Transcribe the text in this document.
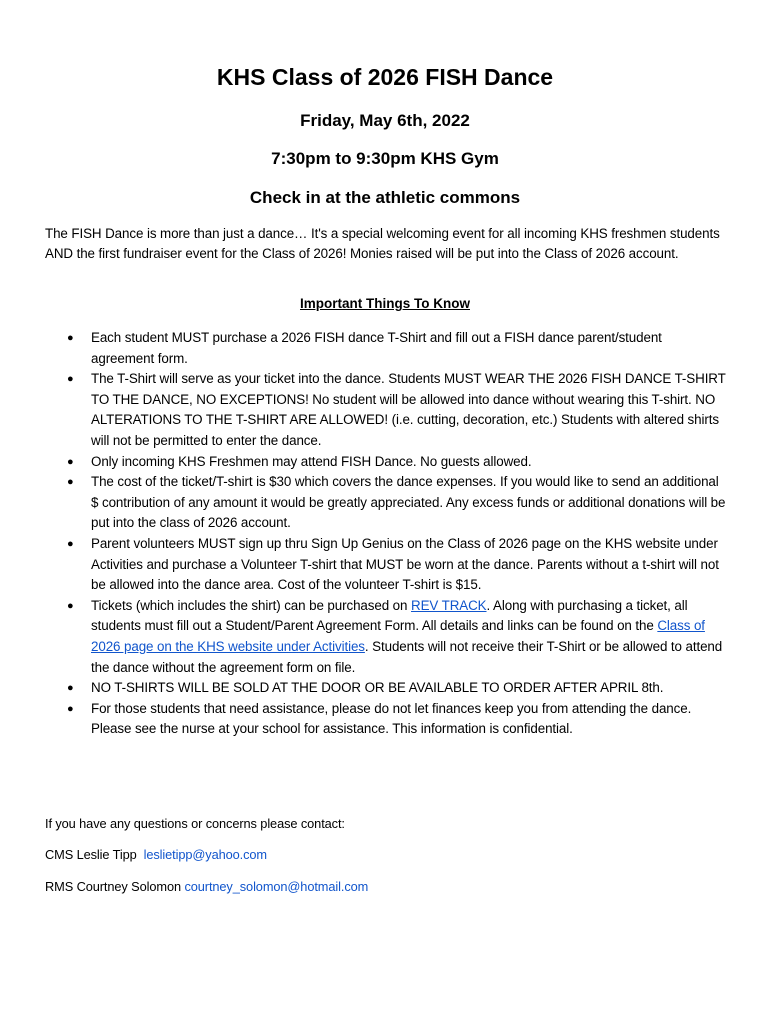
KHS Class of 2026 FISH Dance
Friday, May 6th, 2022
7:30pm to 9:30pm KHS Gym
Check in at the athletic commons
The FISH Dance is more than just a dance… It's a special welcoming event for all incoming KHS freshmen students AND the first fundraiser event for the Class of 2026! Monies raised will be put into the Class of 2026 account.
Important Things To Know
● Each student MUST purchase a 2026 FISH dance T-Shirt and fill out a FISH dance parent/student agreement form.
● The T-Shirt will serve as your ticket into the dance. Students MUST WEAR THE 2026 FISH DANCE T-SHIRT TO THE DANCE, NO EXCEPTIONS! No student will be allowed into dance without wearing this T-shirt. NO ALTERATIONS TO THE T-SHIRT ARE ALLOWED! (i.e. cutting, decoration, etc.) Students with altered shirts will not be permitted to enter the dance.
● Only incoming KHS Freshmen may attend FISH Dance. No guests allowed.
● The cost of the ticket/T-shirt is $30 which covers the dance expenses. If you would like to send an additional $ contribution of any amount it would be greatly appreciated. Any excess funds or additional donations will be put into the class of 2026 account.
● Parent volunteers MUST sign up thru Sign Up Genius on the Class of 2026 page on the KHS website under Activities and purchase a Volunteer T-shirt that MUST be worn at the dance. Parents without a t-shirt will not be allowed into the dance area. Cost of the volunteer T-shirt is $15.
● Tickets (which includes the shirt) can be purchased on REV TRACK. Along with purchasing a ticket, all students must fill out a Student/Parent Agreement Form. All details and links can be found on the Class of 2026 page on the KHS website under Activities. Students will not receive their T-Shirt or be allowed to attend the dance without the agreement form on file.
● NO T-SHIRTS WILL BE SOLD AT THE DOOR OR BE AVAILABLE TO ORDER AFTER APRIL 8th.
● For those students that need assistance, please do not let finances keep you from attending the dance. Please see the nurse at your school for assistance. This information is confidential.
If you have any questions or concerns please contact:
CMS Leslie Tipp leslietipp@yahoo.com
RMS Courtney Solomon courtney_solomon@hotmail.com
